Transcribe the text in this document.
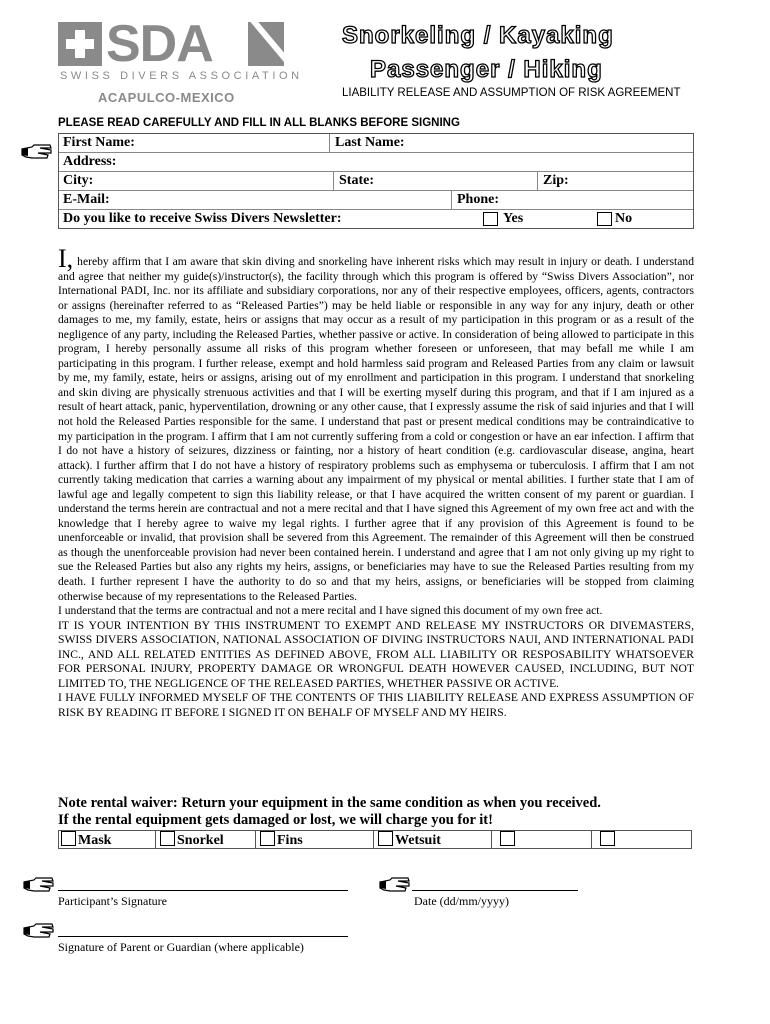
SDA
SWISS DIVERS ASSOCIATION
ACAPULCO-MEXICO
Snorkeling / Kayaking
Passenger / Hiking
LIABILITY RELEASE AND ASSUMPTION OF RISK AGREEMENT
PLEASE READ CAREFULLY AND FILL IN ALL BLANKS BEFORE SIGNING
First Name:	Last Name:
Address:
City:	State:	Zip:
E-Mail:	Phone:
Do you like to receive Swiss Divers Newsletter:	Yes	No

I, hereby affirm that I am aware that skin diving and snorkeling have inherent risks which may result in injury or death. I understand and agree that neither my guide(s)/instructor(s), the facility through which this program is offered by “Swiss Divers Association”, nor International PADI, Inc. nor its affiliate and subsidiary corporations, nor any of their respective employees, officers, agents, contractors or assigns (hereinafter referred to as “Released Parties”) may be held liable or responsible in any way for any injury, death or other damages to me, my family, estate, heirs or assigns that may occur as a result of my participation in this program or as a result of the negligence of any party, including the Released Parties, whether passive or active. In consideration of being allowed to participate in this program, I hereby personally assume all risks of this program whether foreseen or unforeseen, that may befall me while I am participating in this program. I further release, exempt and hold harmless said program and Released Parties from any claim or lawsuit by me, my family, estate, heirs or assigns, arising out of my enrollment and participation in this program. I understand that snorkeling and skin diving are physically strenuous activities and that I will be exerting myself during this program, and that if I am injured as a result of heart attack, panic, hyperventilation, drowning or any other cause, that I expressly assume the risk of said injuries and that I will not hold the Released Parties responsible for the same. I understand that past or present medical conditions may be contraindicative to my participation in the program. I affirm that I am not currently suffering from a cold or congestion or have an ear infection. I affirm that I do not have a history of seizures, dizziness or fainting, nor a history of heart condition (e.g. cardiovascular disease, angina, heart attack). I further affirm that I do not have a history of respiratory problems such as emphysema or tuberculosis. I affirm that I am not currently taking medication that carries a warning about any impairment of my physical or mental abilities. I further state that I am of lawful age and legally competent to sign this liability release, or that I have acquired the written consent of my parent or guardian. I understand the terms herein are contractual and not a mere recital and that I have signed this Agreement of my own free act and with the knowledge that I hereby agree to waive my legal rights. I further agree that if any provision of this Agreement is found to be unenforceable or invalid, that provision shall be severed from this Agreement. The remainder of this Agreement will then be construed as though the unenforceable provision had never been contained herein. I understand and agree that I am not only giving up my right to sue the Released Parties but also any rights my heirs, assigns, or beneficiaries may have to sue the Released Parties resulting from my death. I further represent I have the authority to do so and that my heirs, assigns, or beneficiaries will be stopped from claiming otherwise because of my representations to the Released Parties.

I understand that the terms are contractual and not a mere recital and I have signed this document of my own free act.

IT IS YOUR INTENTION BY THIS INSTRUMENT TO EXEMPT AND RELEASE MY INSTRUCTORS OR DIVEMASTERS, SWISS DIVERS ASSOCIATION, NATIONAL ASSOCIATION OF DIVING INSTRUCTORS NAUI, AND INTERNATIONAL PADI INC., AND ALL RELATED ENTITIES AS DEFINED ABOVE, FROM ALL LIABILITY OR RESPOSABILITY WHATSOEVER FOR PERSONAL INJURY, PROPERTY DAMAGE OR WRONGFUL DEATH HOWEVER CAUSED, INCLUDING, BUT NOT LIMITED TO, THE NEGLIGENCE OF THE RELEASED PARTIES, WHETHER PASSIVE OR ACTIVE.

I HAVE FULLY INFORMED MYSELF OF THE CONTENTS OF THIS LIABILITY RELEASE AND EXPRESS ASSUMPTION OF RISK BY READING IT BEFORE I SIGNED IT ON BEHALF OF MYSELF AND MY HEIRS.

Note rental waiver: Return your equipment in the same condition as when you received.
If the rental equipment gets damaged or lost, we will charge you for it!
Mask	Snorkel	Fins	Wetsuit
Participant’s Signature	Date (dd/mm/yyyy)
Signature of Parent or Guardian (where applicable)
